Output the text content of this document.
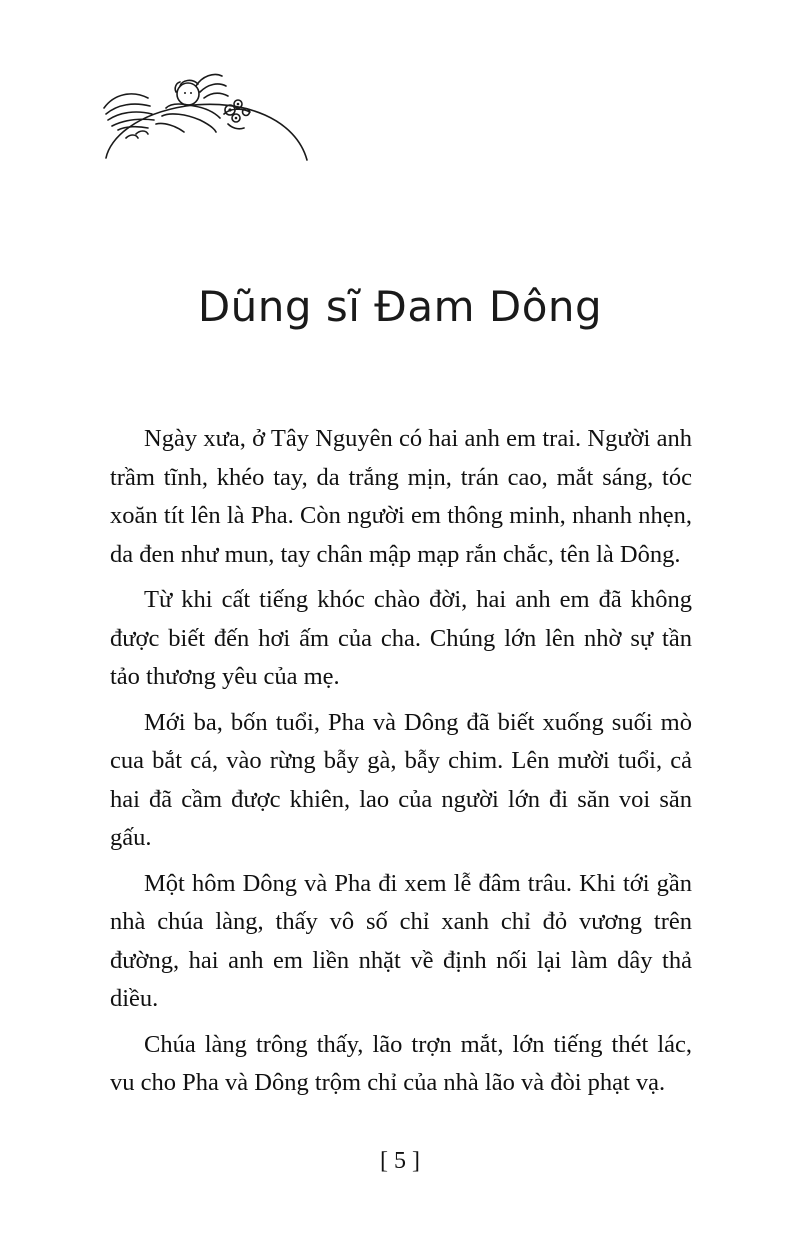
Dũng sĩ Đam Dông

Ngày xưa, ở Tây Nguyên có hai anh em trai. Người anh trầm tĩnh, khéo tay, da trắng mịn, trán cao, mắt sáng, tóc xoăn tít lên là Pha. Còn người em thông minh, nhanh nhẹn, da đen như mun, tay chân mập mạp rắn chắc, tên là Dông.

Từ khi cất tiếng khóc chào đời, hai anh em đã không được biết đến hơi ấm của cha. Chúng lớn lên nhờ sự tần tảo thương yêu của mẹ.

Mới ba, bốn tuổi, Pha và Dông đã biết xuống suối mò cua bắt cá, vào rừng bẫy gà, bẫy chim. Lên mười tuổi, cả hai đã cầm được khiên, lao của người lớn đi săn voi săn gấu.

Một hôm Dông và Pha đi xem lễ đâm trâu. Khi tới gần nhà chúa làng, thấy vô số chỉ xanh chỉ đỏ vương trên đường, hai anh em liền nhặt về định nối lại làm dây thả diều.

Chúa làng trông thấy, lão trợn mắt, lớn tiếng thét lác, vu cho Pha và Dông trộm chỉ của nhà lão và đòi phạt vạ.

[ 5 ]
